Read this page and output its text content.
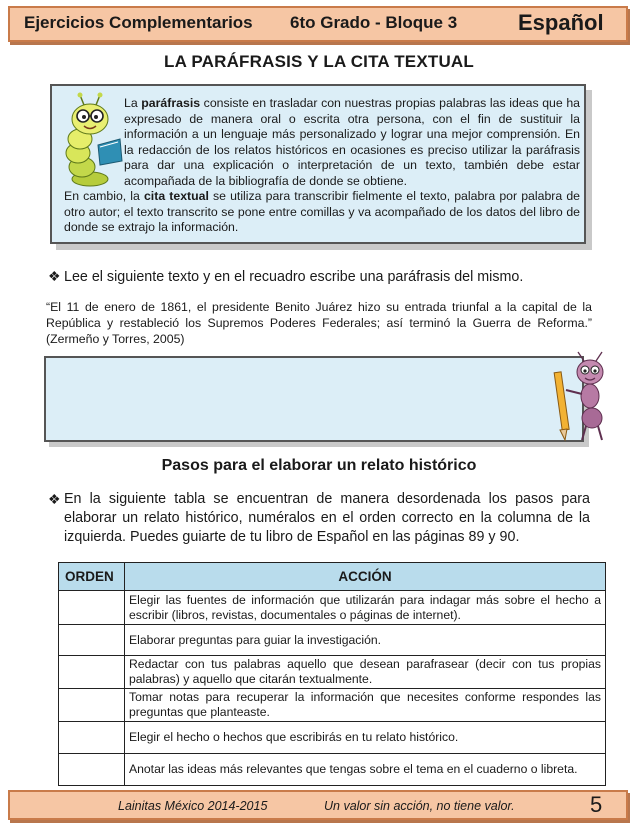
Ejercicios Complementarios 6to Grado - Bloque 3	Español
LA PARÁFRASIS Y LA CITA TEXTUAL
La paráfrasis consiste en trasladar con nuestras propias palabras las ideas que ha expresado de manera oral o escrita otra persona, con el fin de sustituir la información a un lenguaje más personalizado y lograr una mejor comprensión. En la redacción de los relatos históricos en ocasiones es preciso utilizar la paráfrasis para dar una explicación o interpretación de un texto, también debe estar acompañada de la bibliografía de donde se obtiene.
En cambio, la cita textual se utiliza para transcribir fielmente el texto, palabra por palabra de otro autor; el texto transcrito se pone entre comillas y va acompañado de los datos del libro de donde se extrajo la información.
❖ Lee el siguiente texto y en el recuadro escribe una paráfrasis del mismo.
“El 11 de enero de 1861, el presidente Benito Juárez hizo su entrada triunfal a la capital de la República y restableció los Supremos Poderes Federales; así terminó la Guerra de Reforma.” (Zermeño y Torres, 2005)
Pasos para el elaborar un relato histórico
❖ En la siguiente tabla se encuentran de manera desordenada los pasos para elaborar un relato histórico, numéralos en el orden correcto en la columna de la izquierda. Puedes guiarte de tu libro de Español en las páginas 89 y 90.
ORDEN	ACCIÓN
	Elegir las fuentes de información que utilizarán para indagar más sobre el hecho a escribir (libros, revistas, documentales o páginas de internet).
	Elaborar preguntas para guiar la investigación.
	Redactar con tus palabras aquello que desean parafrasear (decir con tus propias palabras) y aquello que citarán textualmente.
	Tomar notas para recuperar la información que necesites conforme respondes las preguntas que planteaste.
	Elegir el hecho o hechos que escribirás en tu relato histórico.
	Anotar las ideas más relevantes que tengas sobre el tema en el cuaderno o libreta.
Lainitas México 2014-2015	Un valor sin acción, no tiene valor.	5
